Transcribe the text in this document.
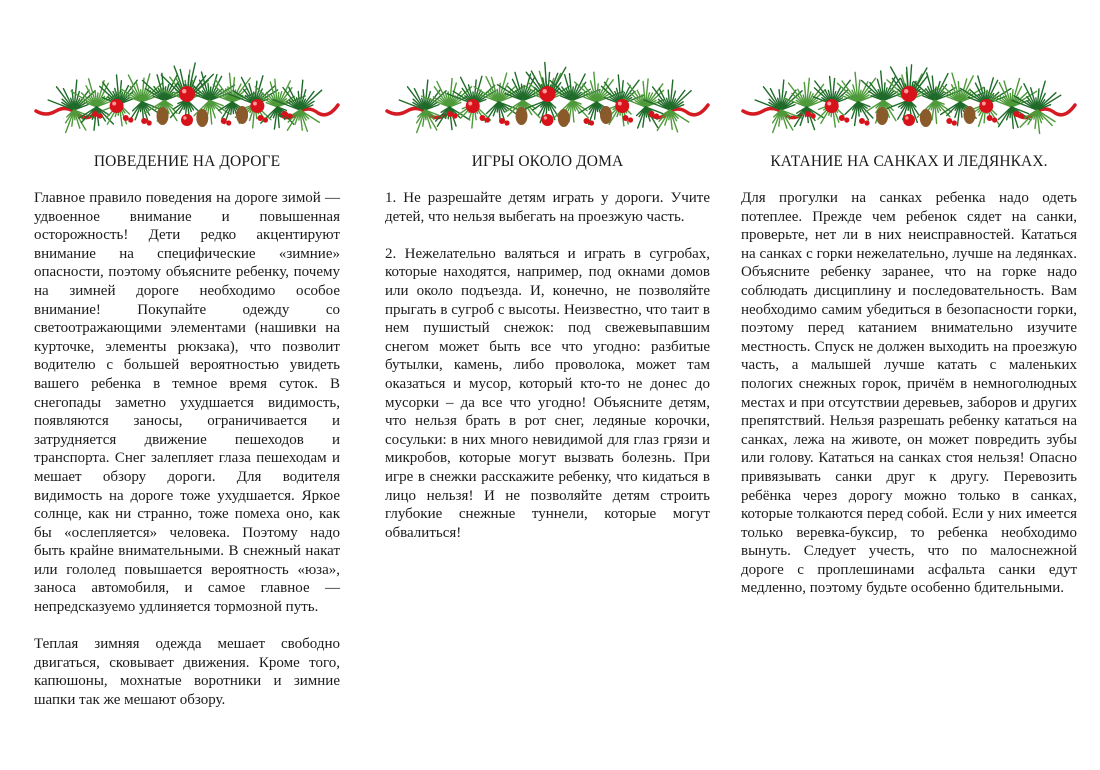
ПОВЕДЕНИЕ НА ДОРОГЕ

Главное правило поведения на дороге зимой — удвоенное внимание и повышенная осторожность! Дети редко акцентируют внимание на специфические «зимние» опасности, поэтому объясните ребенку, почему на зимней дороге необходимо особое внимание! Покупайте одежду со светоотражающими элементами (нашивки на курточке, элементы рюкзака), что позволит водителю с большей вероятностью увидеть вашего ребенка в темное время суток. В снегопады заметно ухудшается видимость, появляются заносы, ограничивается и затрудняется движение пешеходов и транспорта. Снег залепляет глаза пешеходам и мешает обзору дороги. Для водителя видимость на дороге тоже ухудшается. Яркое солнце, как ни странно, тоже помеха оно, как бы «ослепляется» человека. Поэтому надо быть крайне внимательными. В снежный накат или гололед повышается вероятность «юза», заноса автомобиля, и самое главное — непредсказуемо удлиняется тормозной путь.

Теплая зимняя одежда мешает свободно двигаться, сковывает движения. Кроме того, капюшоны, мохнатые воротники и зимние шапки так же мешают обзору.

ИГРЫ ОКОЛО ДОМА

1. Не разрешайте детям играть у дороги. Учите детей, что нельзя выбегать на проезжую часть.

2. Нежелательно валяться и играть в сугробах, которые находятся, например, под окнами домов или около подъезда. И, конечно, не позволяйте прыгать в сугроб с высоты. Неизвестно, что таит в нем пушистый снежок: под свежевыпавшим снегом может быть все что угодно: разбитые бутылки, камень, либо проволока, может там оказаться и мусор, который кто-то не донес до мусорки – да все что угодно! Объясните детям, что нельзя брать в рот снег, ледяные корочки, сосульки: в них много невидимой для глаз грязи и микробов, которые могут вызвать болезнь. При игре в снежки расскажите ребенку, что кидаться в лицо нельзя! И не позволяйте детям строить глубокие снежные туннели, которые могут обвалиться!

КАТАНИЕ НА САНКАХ И ЛЕДЯНКАХ.

Для прогулки на санках ребенка надо одеть потеплее. Прежде чем ребенок сядет на санки, проверьте, нет ли в них неисправностей. Кататься на санках с горки нежелательно, лучше на ледянках. Объясните ребенку заранее, что на горке надо соблюдать дисциплину и последовательность. Вам необходимо самим убедиться в безопасности горки, поэтому перед катанием внимательно изучите местность. Спуск не должен выходить на проезжую часть, а малышей лучше катать с маленьких пологих снежных горок, причём в немноголюдных местах и при отсутствии деревьев, заборов и других препятствий. Нельзя разрешать ребенку кататься на санках, лежа на животе, он может повредить зубы или голову. Кататься на санках стоя нельзя! Опасно привязывать санки друг к другу. Перевозить ребёнка через дорогу можно только в санках, которые толкаются перед собой. Если у них имеется только веревка-буксир, то ребенка необходимо вынуть. Следует учесть, что по малоснежной дороге с проплешинами асфальта санки едут медленно, поэтому будьте особенно бдительными.
